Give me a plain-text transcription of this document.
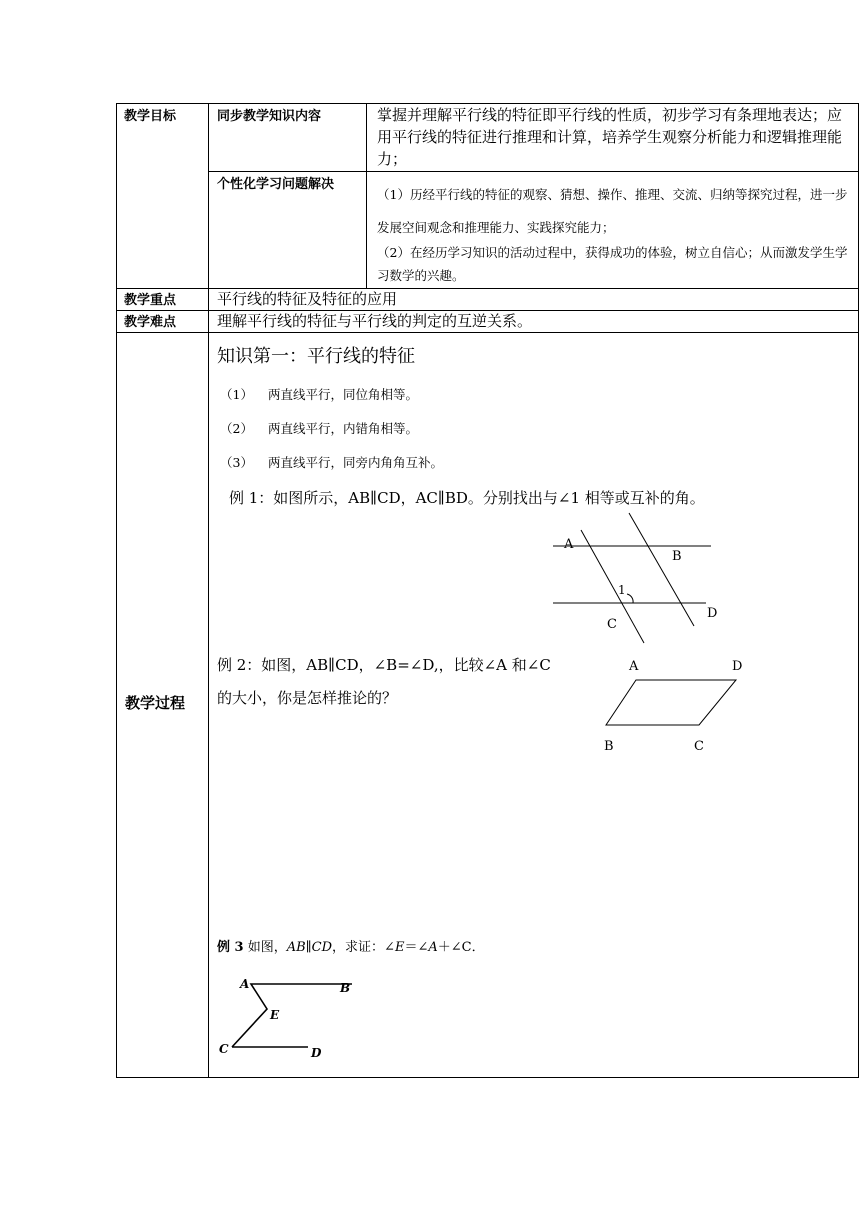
教学目标	同步教学知识内容	掌握并理解平行线的特征即平行线的性质，初步学习有条理地表达；应用平行线的特征进行推理和计算，培养学生观察分析能力和逻辑推理能力；
个性化学习问题解决
（1）历经平行线的特征的观察、猜想、操作、推理、交流、归纳等探究过程，进一步发展空间观念和推理能力、实践探究能力；
（2）在经历学习知识的活动过程中，获得成功的体验，树立自信心；从而激发学生学习数学的兴趣。
教学重点	平行线的特征及特征的应用
教学难点	理解平行线的特征与平行线的判定的互逆关系。
教学过程
知识第一：平行线的特征
（1） 两直线平行，同位角相等。
（2） 两直线平行，内错角相等。
（3） 两直线平行，同旁内角角互补。
例 1：如图所示，AB∥CD，AC∥BD。分别找出与∠1 相等或互补的角。
A
B
1
D
C
例 2：如图，AB∥CD，∠B=∠D,，比较∠A 和∠C
的大小，你是怎样推论的？
A	D
B	C
例 3 如图，AB∥CD，求证：∠E＝∠A＋∠C．
A	B
E
C	D
